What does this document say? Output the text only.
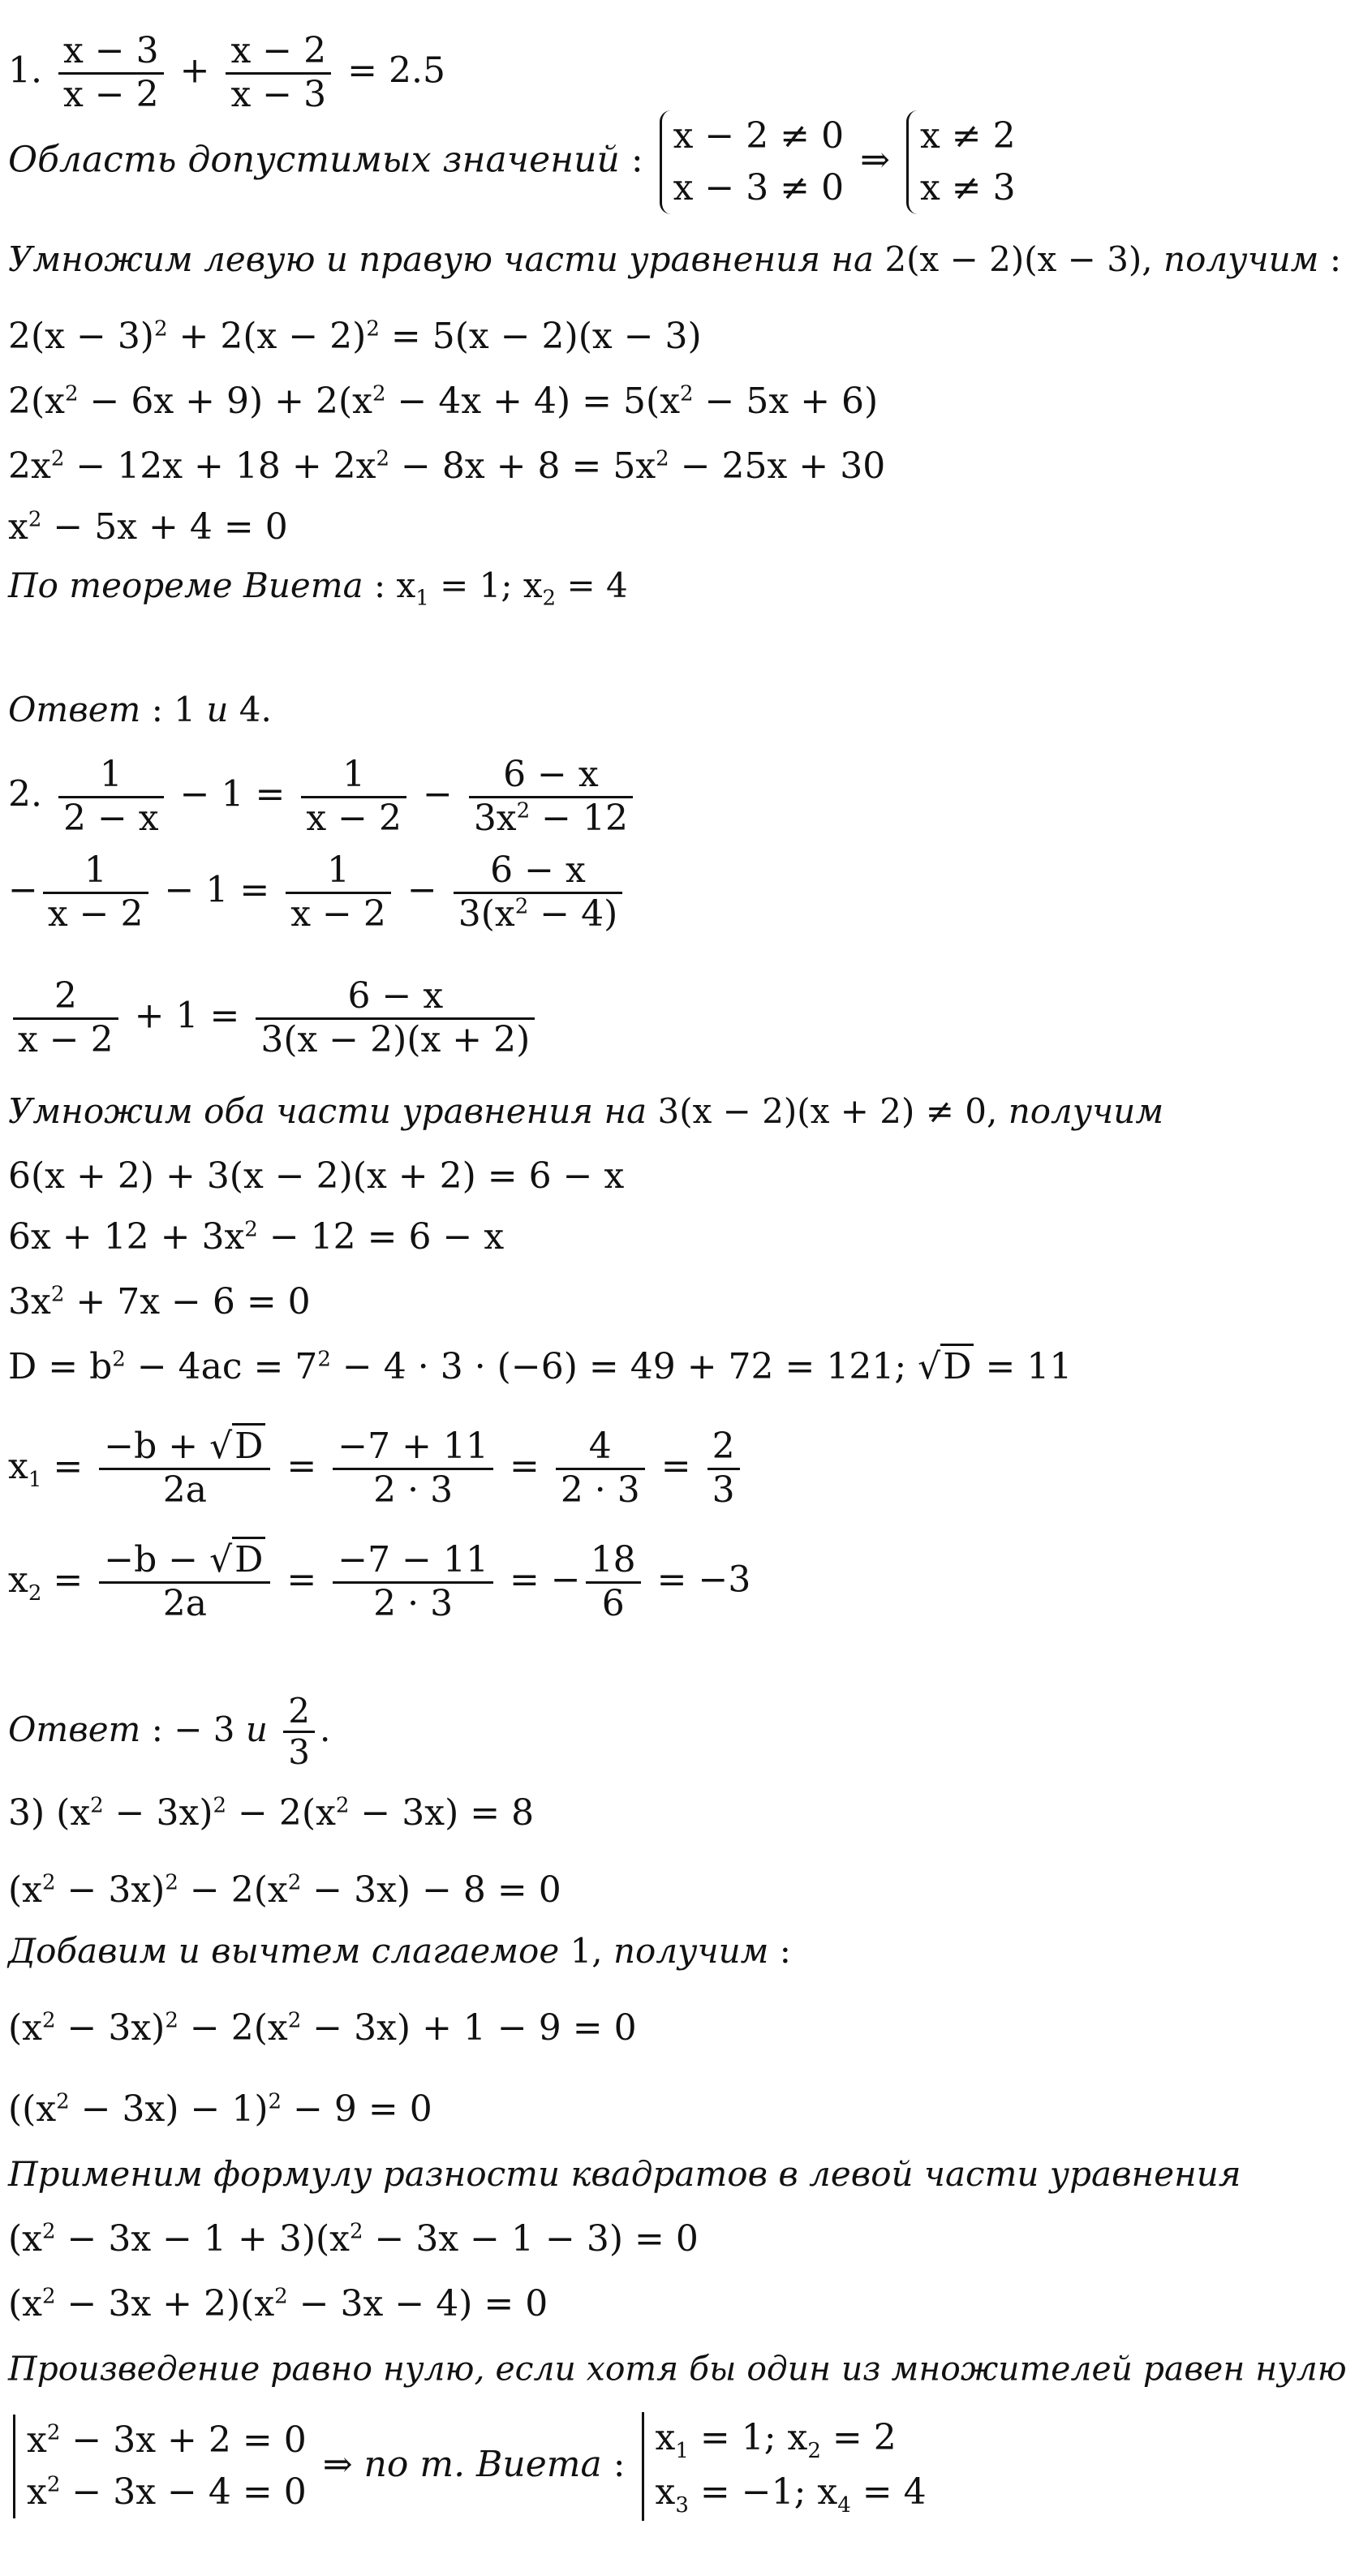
1. $\frac{x - 3}{x - 2} + \frac{x - 2}{x - 3} = 2.5$
Область допустимых значений :
x − 2 ≠ 0
x − 3 ≠ 0
⇒
x ≠ 2
x ≠ 3
Умножим левую и правую части уравнения на 2(x − 2)(x − 3), получим :
$2(x - 3)^2 + 2(x - 2)^2 = 5(x - 2)(x - 3)$
$2(x^2 - 6x + 9) + 2(x^2 - 4x + 4) = 5(x^2 - 5x + 6)$
$2x^2 - 12x + 18 + 2x^2 - 8x + 8 = 5x^2 - 25x + 30$
$x^2 - 5x + 4 = 0$
По теореме Виета : $x_1 = 1$; $x_2 = 4$
Ответ : 1 и 4.
2. $\frac{1}{2 - x} - 1 = \frac{1}{x - 2} - \frac{6 - x}{3x^2 - 12}$
− $\frac{1}{x - 2} - 1 = \frac{1}{x - 2} - \frac{6 - x}{3(x^2 - 4)}$
$\frac{2}{x - 2} + 1 = \frac{6 - x}{3(x - 2)(x + 2)}$
Умножим оба части уравнения на 3(x − 2)(x + 2) ≠ 0, получим
6(x + 2) + 3(x − 2)(x + 2) = 6 − x
$6x + 12 + 3x^2 - 12 = 6 - x$
$3x^2 + 7x - 6 = 0$
$D = b^2 - 4ac = 7^2 - 4 \cdot 3 \cdot (-6) = 49 + 72 = 121$; √D = 11
$x_1 = \frac{-b + √D}{2a} = \frac{-7 + 11}{2 \cdot 3} = \frac{4}{2 \cdot 3} = \frac{2}{3}$
$x_2 = \frac{-b - √D}{2a} = \frac{-7 - 11}{2 \cdot 3}$ = − $\frac{18}{6} = -3$
Ответ : − 3 и $\frac{2}{3}$ .
3) $(x^2 - 3x)^2 - 2(x^2 - 3x) = 8$
$(x^2 - 3x)^2 - 2(x^2 - 3x) - 8 = 0$
Добавим и вычтем слагаемое 1, получим :
$(x^2 - 3x)^2 - 2(x^2 - 3x) + 1 - 9 = 0$
$((x^2 - 3x) - 1)^2 - 9 = 0$
Применим формулу разности квадратов в левой части уравнения
$(x^2 - 3x - 1 + 3)(x^2 - 3x - 1 - 3) = 0$
$(x^2 - 3x + 2)(x^2 - 3x - 4) = 0$
Произведение равно нулю, если хотя бы один из множителей равен нулю
$x^2 - 3x + 2 = 0$
$x^2 - 3x - 4 = 0$
⇒ по т. Виета :
$x_1 = 1$; $x_2 = 2$
$x_3 = -1$; $x_4 = 4$
